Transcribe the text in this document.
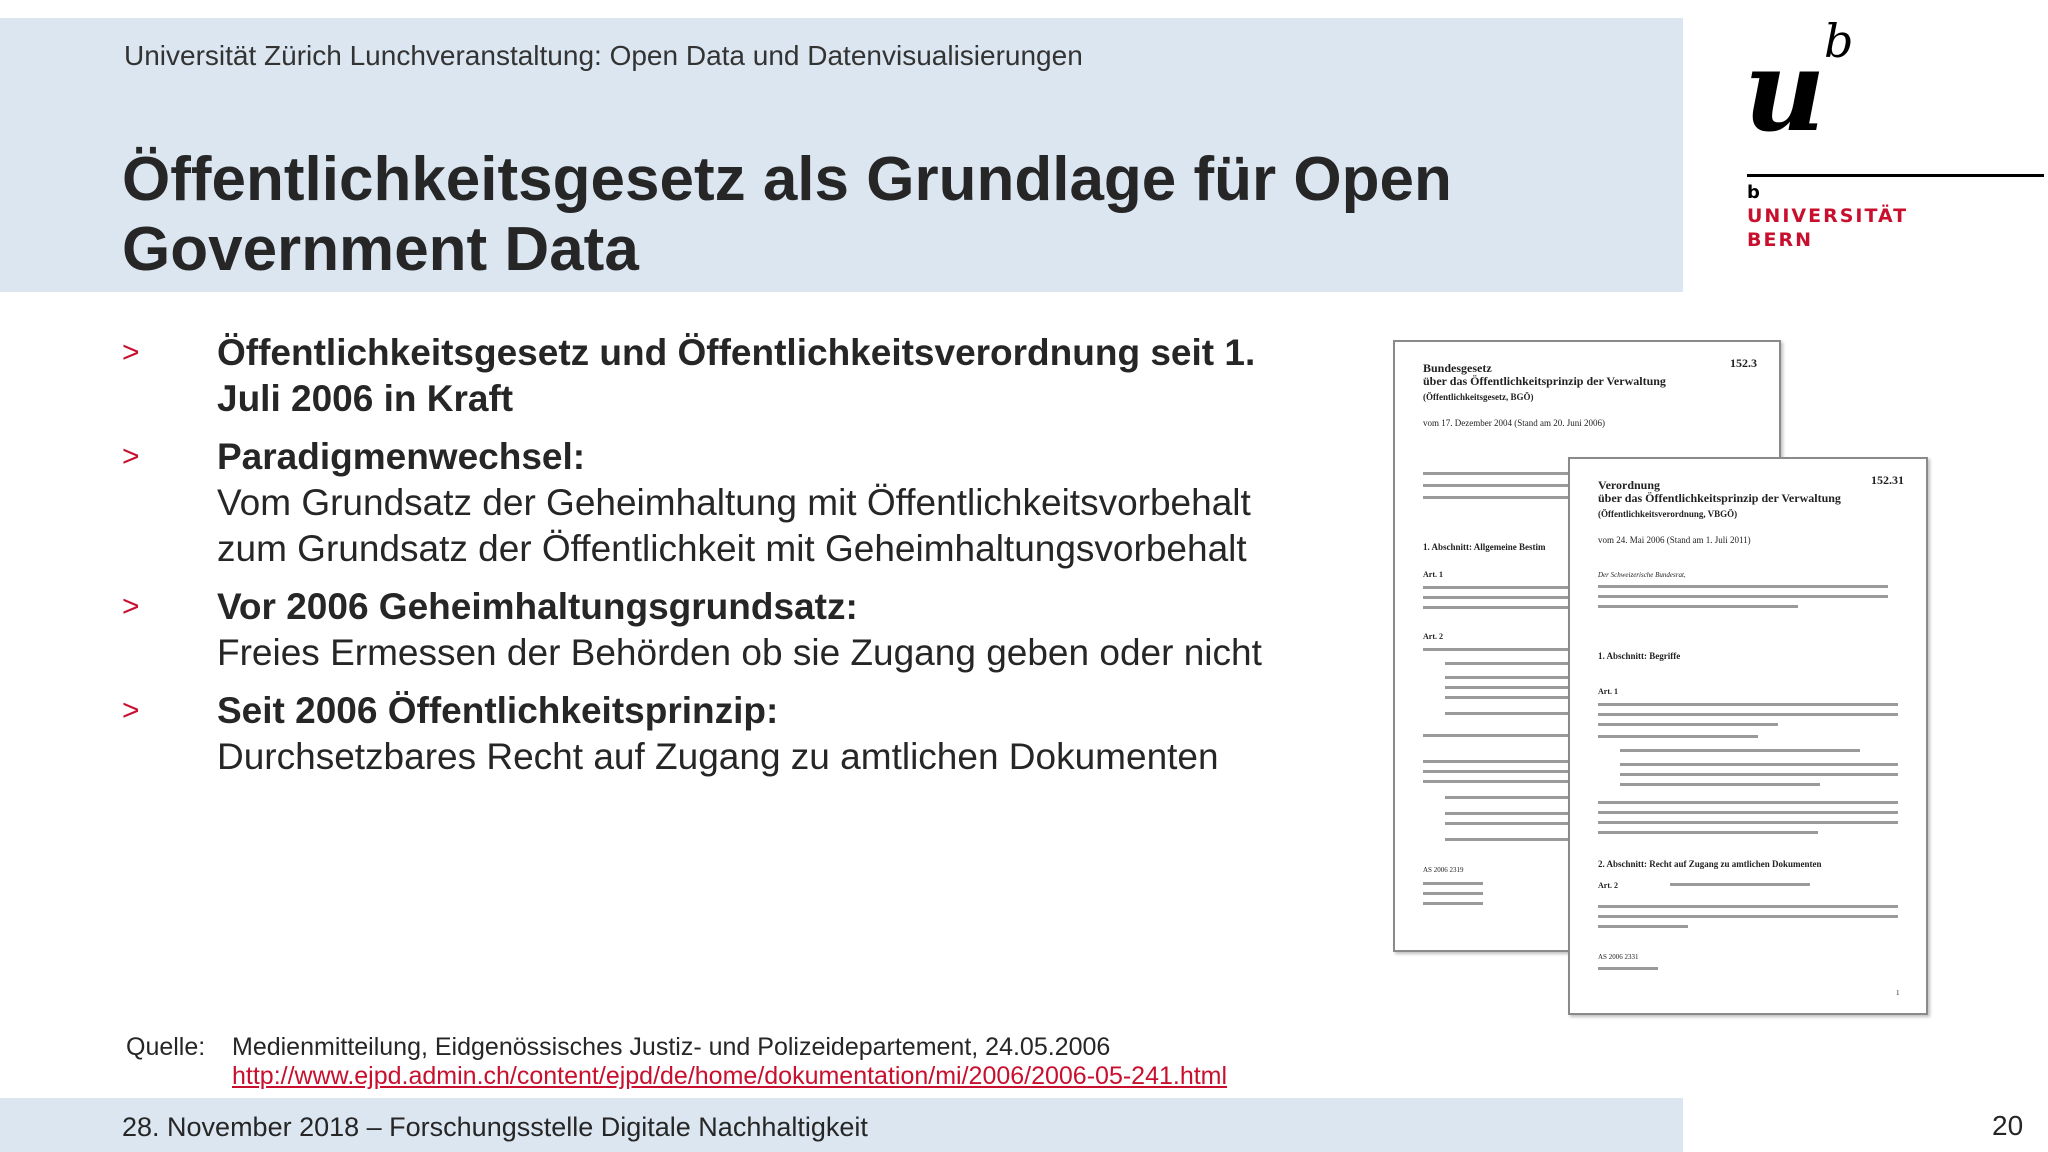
Universität Zürich Lunchveranstaltung: Open Data und Datenvisualisierungen
Öffentlichkeitsgesetz als Grundlage für Open Government Data
u
b
b
UNIVERSITÄT
BERN
> Öffentlichkeitsgesetz und Öffentlichkeitsverordnung seit 1. Juli 2006 in Kraft
> Paradigmenwechsel:
Vom Grundsatz der Geheimhaltung mit Öffentlichkeitsvorbehalt zum Grundsatz der Öffentlichkeit mit Geheimhaltungsvorbehalt
> Vor 2006 Geheimhaltungsgrundsatz:
Freies Ermessen der Behörden ob sie Zugang geben oder nicht
> Seit 2006 Öffentlichkeitsprinzip:
Durchsetzbares Recht auf Zugang zu amtlichen Dokumenten
152.3
Bundesgesetz
über das Öffentlichkeitsprinzip der Verwaltung
(Öffentlichkeitsgesetz, BGÖ)
vom 17. Dezember 2004 (Stand am 20. Juni 2006)
1. Abschnitt: Allgemeine Bestim
Art. 1
Art. 2
AS 2006 2319
152.31
Verordnung
über das Öffentlichkeitsprinzip der Verwaltung
(Öffentlichkeitsverordnung, VBGÖ)
vom 24. Mai 2006 (Stand am 1. Juli 2011)
Der Schweizerische Bundesrat,
1. Abschnitt: Begriffe
Art. 1
2. Abschnitt: Recht auf Zugang zu amtlichen Dokumenten
Art. 2
AS 2006 2331
1
Quelle: Medienmitteilung, Eidgenössisches Justiz- und Polizeidepartement, 24.05.2006
http://www.ejpd.admin.ch/content/ejpd/de/home/dokumentation/mi/2006/2006-05-241.html
28. November 2018 – Forschungsstelle Digitale Nachhaltigkeit	20
